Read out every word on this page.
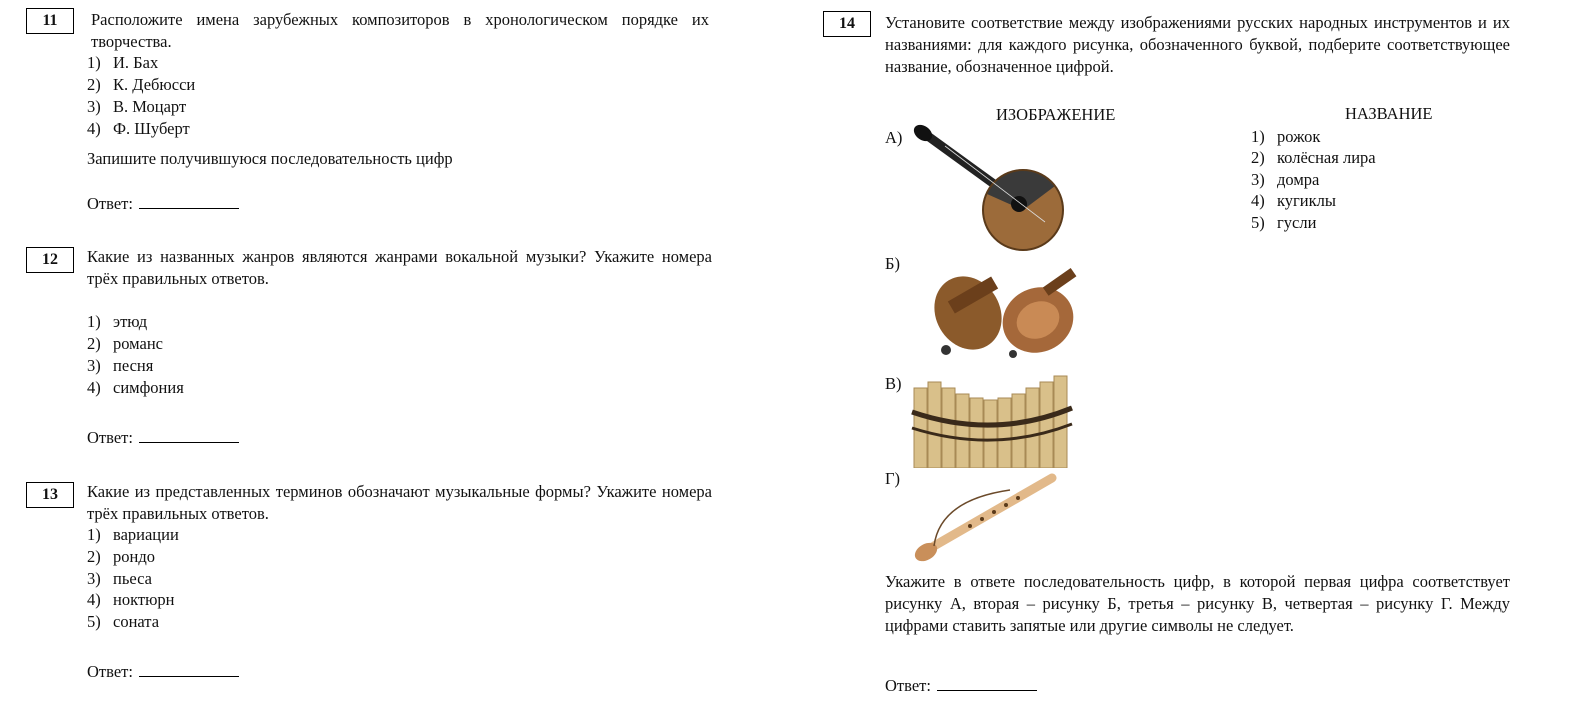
11	Расположите имена зарубежных композиторов в хронологическом порядке их творчества.
1) И. Бах
2) К. Дебюсси
3) В. Моцарт
4) Ф. Шуберт
Запишите получившуюся последовательность цифр
Ответ:
12	Какие из названных жанров являются жанрами вокальной музыки? Укажите номера трёх правильных ответов.
1) этюд
2) романс
3) песня
4) симфония
Ответ:
13	Какие из представленных терминов обозначают музыкальные формы? Укажите номера трёх правильных ответов.
1) вариации
2) рондо
3) пьеса
4) ноктюрн
5) соната
Ответ:
14	Установите соответствие между изображениями русских народных инструментов и их названиями: для каждого рисунка, обозначенного буквой, подберите соответствующее название, обозначенное цифрой.
ИЗОБРАЖЕНИЕ	НАЗВАНИЕ
А)
Б)
В)
Г)
1) рожок
2) колёсная лира
3) домра
4) кугиклы
5) гусли
Укажите в ответе последовательность цифр, в которой первая цифра соответствует рисунку А, вторая – рисунку Б, третья – рисунку В, четвертая – рисунку Г. Между цифрами ставить запятые или другие символы не следует.
Ответ:
